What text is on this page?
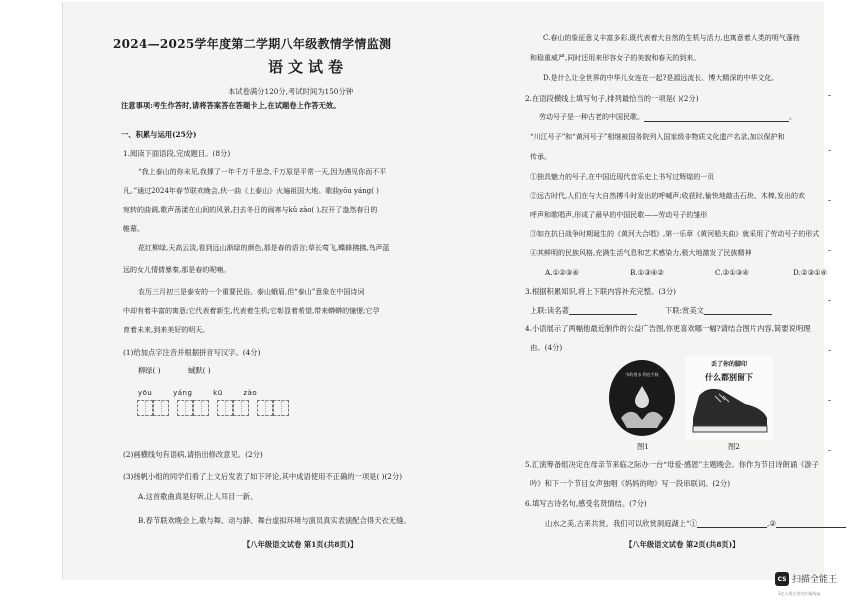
2024—2025学年度第二学期八年级教情学情监测
语文试卷
本试卷满分120分,考试时间为150分钟
注意事项:考生作答时,请将答案答在答题卡上,在试题卷上作答无效。
一、积累与运用(25分)
1.阅读下面语段,完成题目。(8分)
“我上泰山的你未见,我撑了一年千万千思念,千万原是平常一天,因为遇见你而不平
凡。”通过2024年春节联欢晚会,伙一曲《上泰山》火遍祖国大地。歌曲yōu yáng( )
宛转的曲调,歌声荡漾在山间的风景,扫去冬日的闹寒与kǔ zào( ),拉开了盎然春日的
帷幕。
花红柳绿,天高云淡,看到远山渐绿的颜色,那是春的语言;草长莺飞,蝶蜂拂拂,鸟声蓝
远的女儿情倩暴秦,那是春的呢喃。
农历三月初三是泰安的一个重要民俗。泰山蛾眉,但“泰山”意象在中国诗词
中却有着丰富的寓意;它代表着新生,代表着生机;它彰显着希望,带来蟒蟒的憧憬;它孕
育着未来,到来美好的明天。
(1)给加点字注音并根据拼音写汉字。(4分)
柳绿( )	蜮默( )
yōu	yáng	kū	zào
(2)画横线句有语病,请指出修改意见。(2分)
(3)扬帆小组的同学们看了上文后发表了如下评论,其中成语使用不正确的一项是( )(2分)
A.这首歌曲真是好听,让人耳目一新。
B.春节联欢晚会上,歌与舞、动与静、舞台虚拟环境与演员真实表演配合得天衣无缝。
【八年级语文试卷 第1页(共8页)】
C.春山的象征意义丰富多彩,既代表着大自然的生机与活力,也寓意着人类的明气蓬勃
和稳重威严,同时还用来形容女子的美貌和春天的到来。
D.是什么让全世界的中华儿女连在一起?是源远流长、博大精深的中华文化。
2.在语段横线上填写句子,排列最恰当的一项是( )(2分)
劳动号子是一种古老的中国民歌。	。
“川江号子”和“黄河号子”相继被国务院列入国家级非物质文化遗产名录,加以保护和
传承。
①独具魅力的号子,在中国近现代音乐史上书写过辉煌的一页
②远古时代,人们在与大自然搏斗时发出的呼喊声;收获时,愉快地敲击石块、木棒,发出的欢
呼声和歌唱声,形成了最早的中国民歌——劳动号子的雏形
③如在抗日战争时期诞生的《黄河大合唱》,第一乐章《黄河船夫曲》就采用了劳动号子的形式
④其鲜明的民族风格,充满生活气息和艺术感染力,极大地激发了民族精神
A.①②③④	B.①③④②	C.②①③④	D.②③①④
3.根据积累知识,将上下联内容补充完整。(3分)
上联:读名著	下联:赏美文
4.小语展示了两幅他最近制作的公益广告图,你更喜欢哪一幅?请结合图片内容,简要说明理
由。(4分)
节约用水 利在千秋
图1
丢了你的脚印
什么都别留下
图2
5.汇演筹备组决定在母亲节来临之际办一台“母爱·感恩”主题晚会。你作为节目诗朗诵《游子
吟》和下一个节目女声独唱《妈妈的吻》写一段串联词。(2分)
6.填写古诗名句,感受名贤情结。(7分)
山水之美,古来共赏。我们可以欣赏洞庭湖上“①	,②
【八年级语文试卷 第2页(共8页)】
CS 扫描全能王
3亿人都在用的扫描App
